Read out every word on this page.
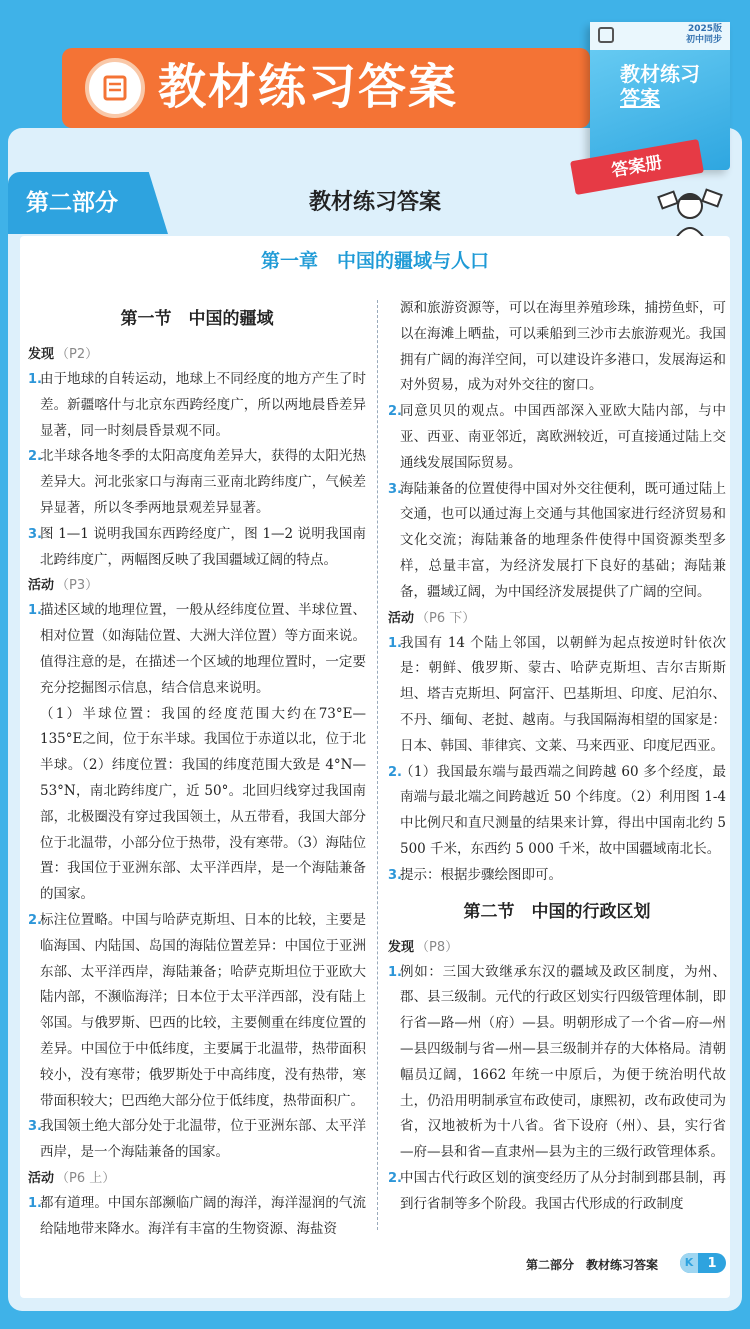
教材练习答案
2025版
初中同步
教材练习
答案
答案册
第二部分	教材练习答案
第一章　中国的疆域与人口
第一节　中国的疆域
发现 （P2）
1.
由于地球的自转运动，地球上不同经度的地方产生了时差。新疆喀什与北京东西跨经度广，所以两地晨昏差异显著，同一时刻晨昏景观不同。
2.
北半球各地冬季的太阳高度角差异大，获得的太阳光热差异大。河北张家口与海南三亚南北跨纬度广，气候差异显著，所以冬季两地景观差异显著。
3.
图 1—1 说明我国东西跨经度广，图 1—2 说明我国南北跨纬度广，两幅图反映了我国疆域辽阔的特点。
活动 （P3）
1.
描述区域的地理位置，一般从经纬度位置、半球位置、相对位置（如海陆位置、大洲大洋位置）等方面来说。值得注意的是，在描述一个区域的地理位置时，一定要充分挖掘图示信息，结合信息来说明。
（1）半球位置：我国的经度范围大约在73°E—135°E之间，位于东半球。我国位于赤道以北，位于北半球。（2）纬度位置：我国的纬度范围大致是 4°N—53°N，南北跨纬度广，近 50°。北回归线穿过我国南部，北极圈没有穿过我国领土，从五带看，我国大部分位于北温带，小部分位于热带，没有寒带。（3）海陆位置：我国位于亚洲东部、太平洋西岸，是一个海陆兼备的国家。
2.
标注位置略。中国与哈萨克斯坦、日本的比较，主要是临海国、内陆国、岛国的海陆位置差异：中国位于亚洲东部、太平洋西岸，海陆兼备；哈萨克斯坦位于亚欧大陆内部，不濒临海洋；日本位于太平洋西部，没有陆上邻国。与俄罗斯、巴西的比较，主要侧重在纬度位置的差异。中国位于中低纬度，主要属于北温带，热带面积较小，没有寒带；俄罗斯处于中高纬度，没有热带，寒带面积较大；巴西绝大部分位于低纬度，热带面积广。
3.
我国领土绝大部分处于北温带，位于亚洲东部、太平洋西岸，是一个海陆兼备的国家。
活动 （P6 上）
1.
都有道理。中国东部濒临广阔的海洋，海洋湿润的气流给陆地带来降水。海洋有丰富的生物资源、海盐资
源和旅游资源等，可以在海里养殖珍珠，捕捞鱼虾，可以在海滩上晒盐，可以乘船到三沙市去旅游观光。我国拥有广阔的海洋空间，可以建设许多港口，发展海运和对外贸易，成为对外交往的窗口。
2.
同意贝贝的观点。中国西部深入亚欧大陆内部，与中亚、西亚、南亚邻近，离欧洲较近，可直接通过陆上交通线发展国际贸易。
3.
海陆兼备的位置使得中国对外交往便利，既可通过陆上交通，也可以通过海上交通与其他国家进行经济贸易和文化交流；海陆兼备的地理条件使得中国资源类型多样，总量丰富，为经济发展打下良好的基础；海陆兼备，疆域辽阔，为中国经济发展提供了广阔的空间。
活动 （P6 下）
1.
我国有 14 个陆上邻国，以朝鲜为起点按逆时针依次是：朝鲜、俄罗斯、蒙古、哈萨克斯坦、吉尔吉斯斯坦、塔吉克斯坦、阿富汗、巴基斯坦、印度、尼泊尔、不丹、缅甸、老挝、越南。与我国隔海相望的国家是：日本、韩国、菲律宾、文莱、马来西亚、印度尼西亚。
2.
（1）我国最东端与最西端之间跨越 60 多个经度，最南端与最北端之间跨越近 50 个纬度。（2）利用图 1-4 中比例尺和直尺测量的结果来计算，得出中国南北约 5 500 千米，东西约 5 000 千米，故中国疆域南北长。
3.
提示：根据步骤绘图即可。
第二节　中国的行政区划
发现 （P8）
1.
例如：三国大致继承东汉的疆域及政区制度，为州、郡、县三级制。元代的行政区划实行四级管理体制，即行省—路—州（府）—县。明朝形成了一个省—府—州—县四级制与省—州—县三级制并存的大体格局。清朝幅员辽阔，1662 年统一中原后，为便于统治明代故土，仍沿用明制承宣布政使司，康熙初，改布政使司为省，汉地被析为十八省。省下设府（州）、县，实行省—府—县和省—直隶州—县为主的三级行政管理体系。
2.
中国古代行政区划的演变经历了从分封制到郡县制，再到行省制等多个阶段。我国古代形成的行政制度
第二部分　教材练习答案	K	1
